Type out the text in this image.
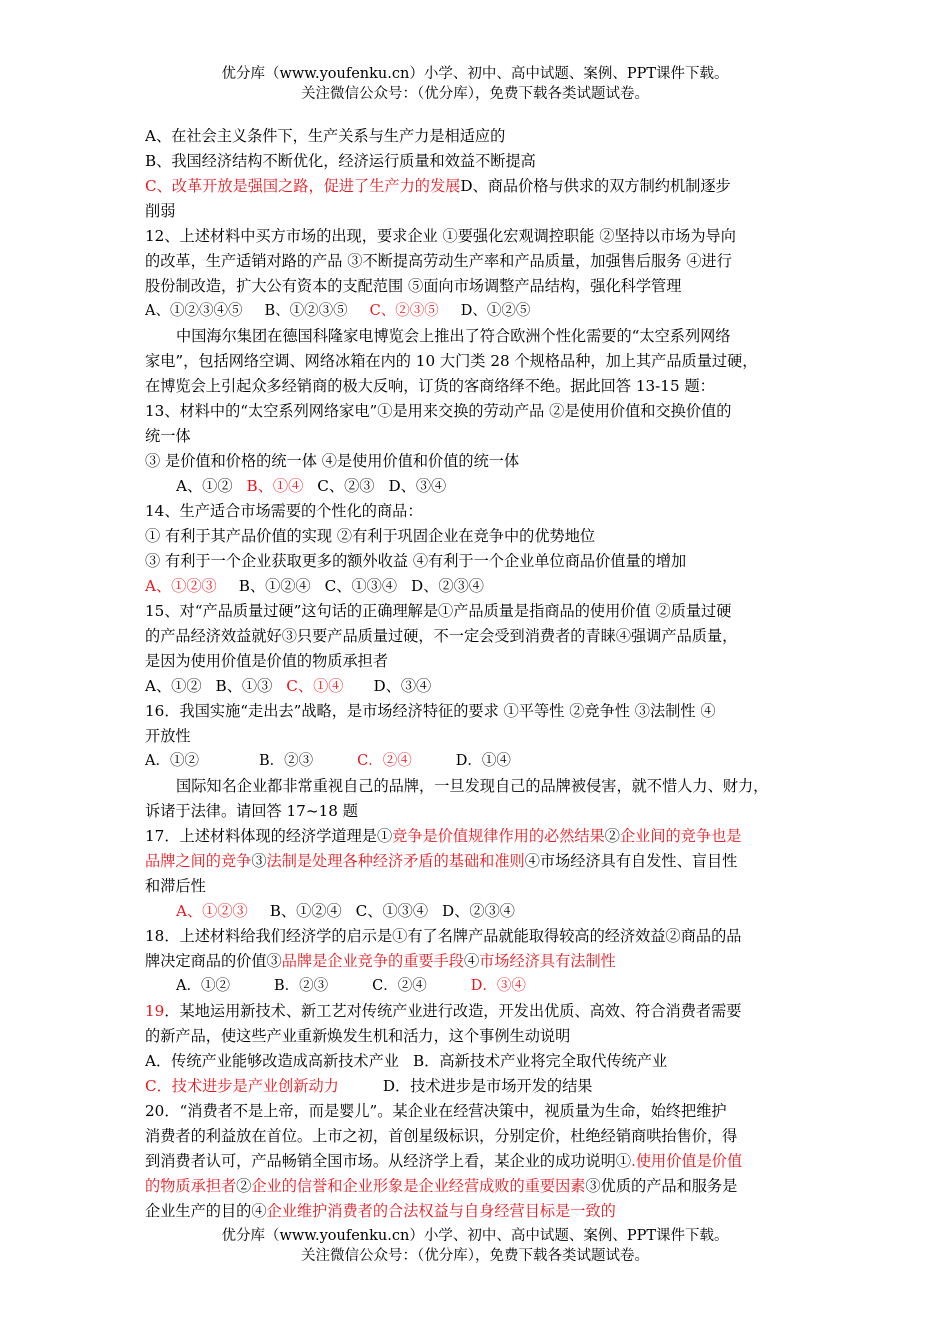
优分库（www.youfenku.cn）小学、初中、高中试题、案例、PPT课件下载。
关注微信公众号：（优分库），免费下载各类试题试卷。
A、在社会主义条件下，生产关系与生产力是相适应的
B、我国经济结构不断优化，经济运行质量和效益不断提高
C、改革开放是强国之路，促进了生产力的发展D、商品价格与供求的双方制约机制逐步
削弱
12、上述材料中买方市场的出现，要求企业 ①要强化宏观调控职能 ②坚持以市场为导向
的改革，生产适销对路的产品 ③不断提高劳动生产率和产品质量，加强售后服务 ④进行
股份制改造，扩大公有资本的支配范围 ⑤面向市场调整产品结构，强化科学管理
A、①②③④⑤ B、①②③⑤ C、②③⑤ D、①②⑤
中国海尔集团在德国科隆家电博览会上推出了符合欧洲个性化需要的“太空系列网络
家电”，包括网络空调、网络冰箱在内的 10 大门类 28 个规格品种，加上其产品质量过硬，
在博览会上引起众多经销商的极大反响，订货的客商络绎不绝。据此回答 13-15 题：
13、材料中的“太空系列网络家电”①是用来交换的劳动产品 ②是使用价值和交换价值的
统一体
③ 是价值和价格的统一体 ④是使用价值和价值的统一体
A、①② B、①④ C、②③ D、③④
14、生产适合市场需要的个性化的商品：
① 有利于其产品价值的实现 ②有利于巩固企业在竞争中的优势地位
③ 有利于一个企业获取更多的额外收益 ④有利于一个企业单位商品价值量的增加
A、①②③ B、①②④ C、①③④ D、②③④
15、对“产品质量过硬”这句话的正确理解是①产品质量是指商品的使用价值 ②质量过硬
的产品经济效益就好③只要产品质量过硬，不一定会受到消费者的青睐④强调产品质量，
是因为使用价值是价值的物质承担者
A、①② B、①③ C、①④ D、③④
16．我国实施“走出去”战略，是市场经济特征的要求 ①平等性 ②竞争性 ③法制性 ④
开放性
A．①②	B．②③	C．②④	D．①④
国际知名企业都非常重视自己的品牌，一旦发现自己的品牌被侵害，就不惜人力、财力，
诉诸于法律。请回答 17~18 题
17．上述材料体现的经济学道理是①竞争是价值规律作用的必然结果②企业间的竞争也是
品牌之间的竞争③法制是处理各种经济矛盾的基础和准则④市场经济具有自发性、盲目性
和滞后性
A、①②③ B、①②④ C、①③④ D、②③④
18．上述材料给我们经济学的启示是①有了名牌产品就能取得较高的经济效益②商品的品
牌决定商品的价值③品牌是企业竞争的重要手段④市场经济具有法制性
A．①②	B．②③	C．②④	D．③④
19．某地运用新技术、新工艺对传统产业进行改造，开发出优质、高效、符合消费者需要
的新产品，使这些产业重新焕发生机和活力，这个事例生动说明
A．传统产业能够改造成高新技术产业 B．高新技术产业将完全取代传统产业
C．技术进步是产业创新动力	D．技术进步是市场开发的结果
20．“消费者不是上帝，而是婴儿”。某企业在经营决策中，视质量为生命，始终把维护
消费者的利益放在首位。上市之初，首创星级标识，分别定价，杜绝经销商哄抬售价，得
到消费者认可，产品畅销全国市场。从经济学上看，某企业的成功说明①.使用价值是价值
的物质承担者②企业的信誉和企业形象是企业经营成败的重要因素③优质的产品和服务是
企业生产的目的④企业维护消费者的合法权益与自身经营目标是一致的
优分库（www.youfenku.cn）小学、初中、高中试题、案例、PPT课件下载。
关注微信公众号：（优分库），免费下载各类试题试卷。
